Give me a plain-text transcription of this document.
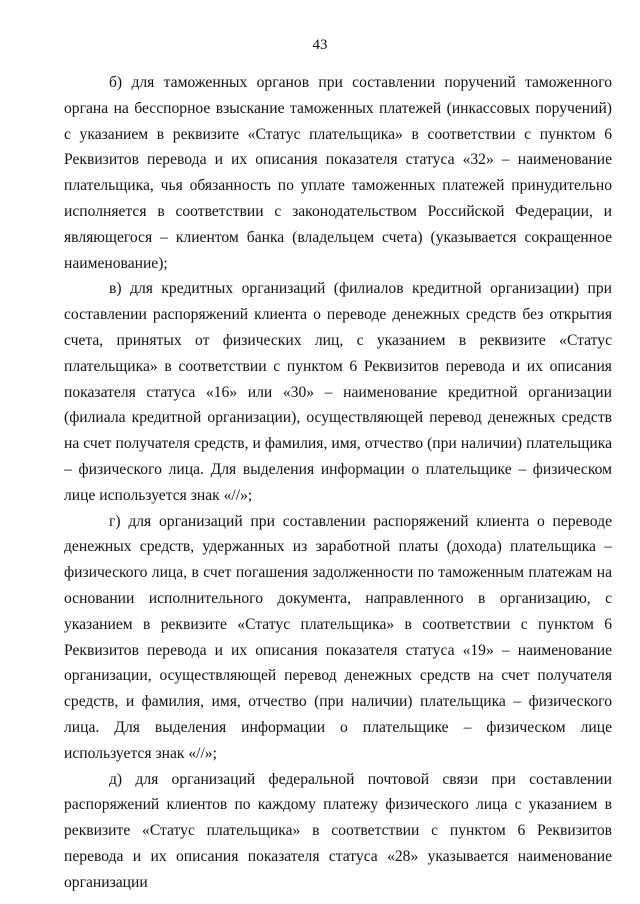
43

б) для таможенных органов при составлении поручений таможенного органа на бесспорное взыскание таможенных платежей (инкассовых поручений) с указанием в реквизите «Статус плательщика» в соответствии с пунктом 6 Реквизитов перевода и их описания показателя статуса «32» – наименование плательщика, чья обязанность по уплате таможенных платежей принудительно исполняется в соответствии с законодательством Российской Федерации, и являющегося – клиентом банка (владельцем счета) (указывается сокращенное наименование);

в) для кредитных организаций (филиалов кредитной организации) при составлении распоряжений клиента о переводе денежных средств без открытия счета, принятых от физических лиц, с указанием в реквизите «Статус плательщика» в соответствии с пунктом 6 Реквизитов перевода и их описания показателя статуса «16» или «30» – наименование кредитной организации (филиала кредитной организации), осуществляющей перевод денежных средств на счет получателя средств, и фамилия, имя, отчество (при наличии) плательщика – физического лица. Для выделения информации о плательщике – физическом лице используется знак «//»;

г) для организаций при составлении распоряжений клиента о переводе денежных средств, удержанных из заработной платы (дохода) плательщика – физического лица, в счет погашения задолженности по таможенным платежам на основании исполнительного документа, направленного в организацию, с указанием в реквизите «Статус плательщика» в соответствии с пунктом 6 Реквизитов перевода и их описания показателя статуса «19» – наименование организации, осуществляющей перевод денежных средств на счет получателя средств, и фамилия, имя, отчество (при наличии) плательщика – физического лица. Для выделения информации о плательщике – физическом лице используется знак «//»;

д) для организаций федеральной почтовой связи при составлении распоряжений клиентов по каждому платежу физического лица с указанием в реквизите «Статус плательщика» в соответствии с пунктом 6 Реквизитов перевода и их описания показателя статуса «28» указывается наименование организации
